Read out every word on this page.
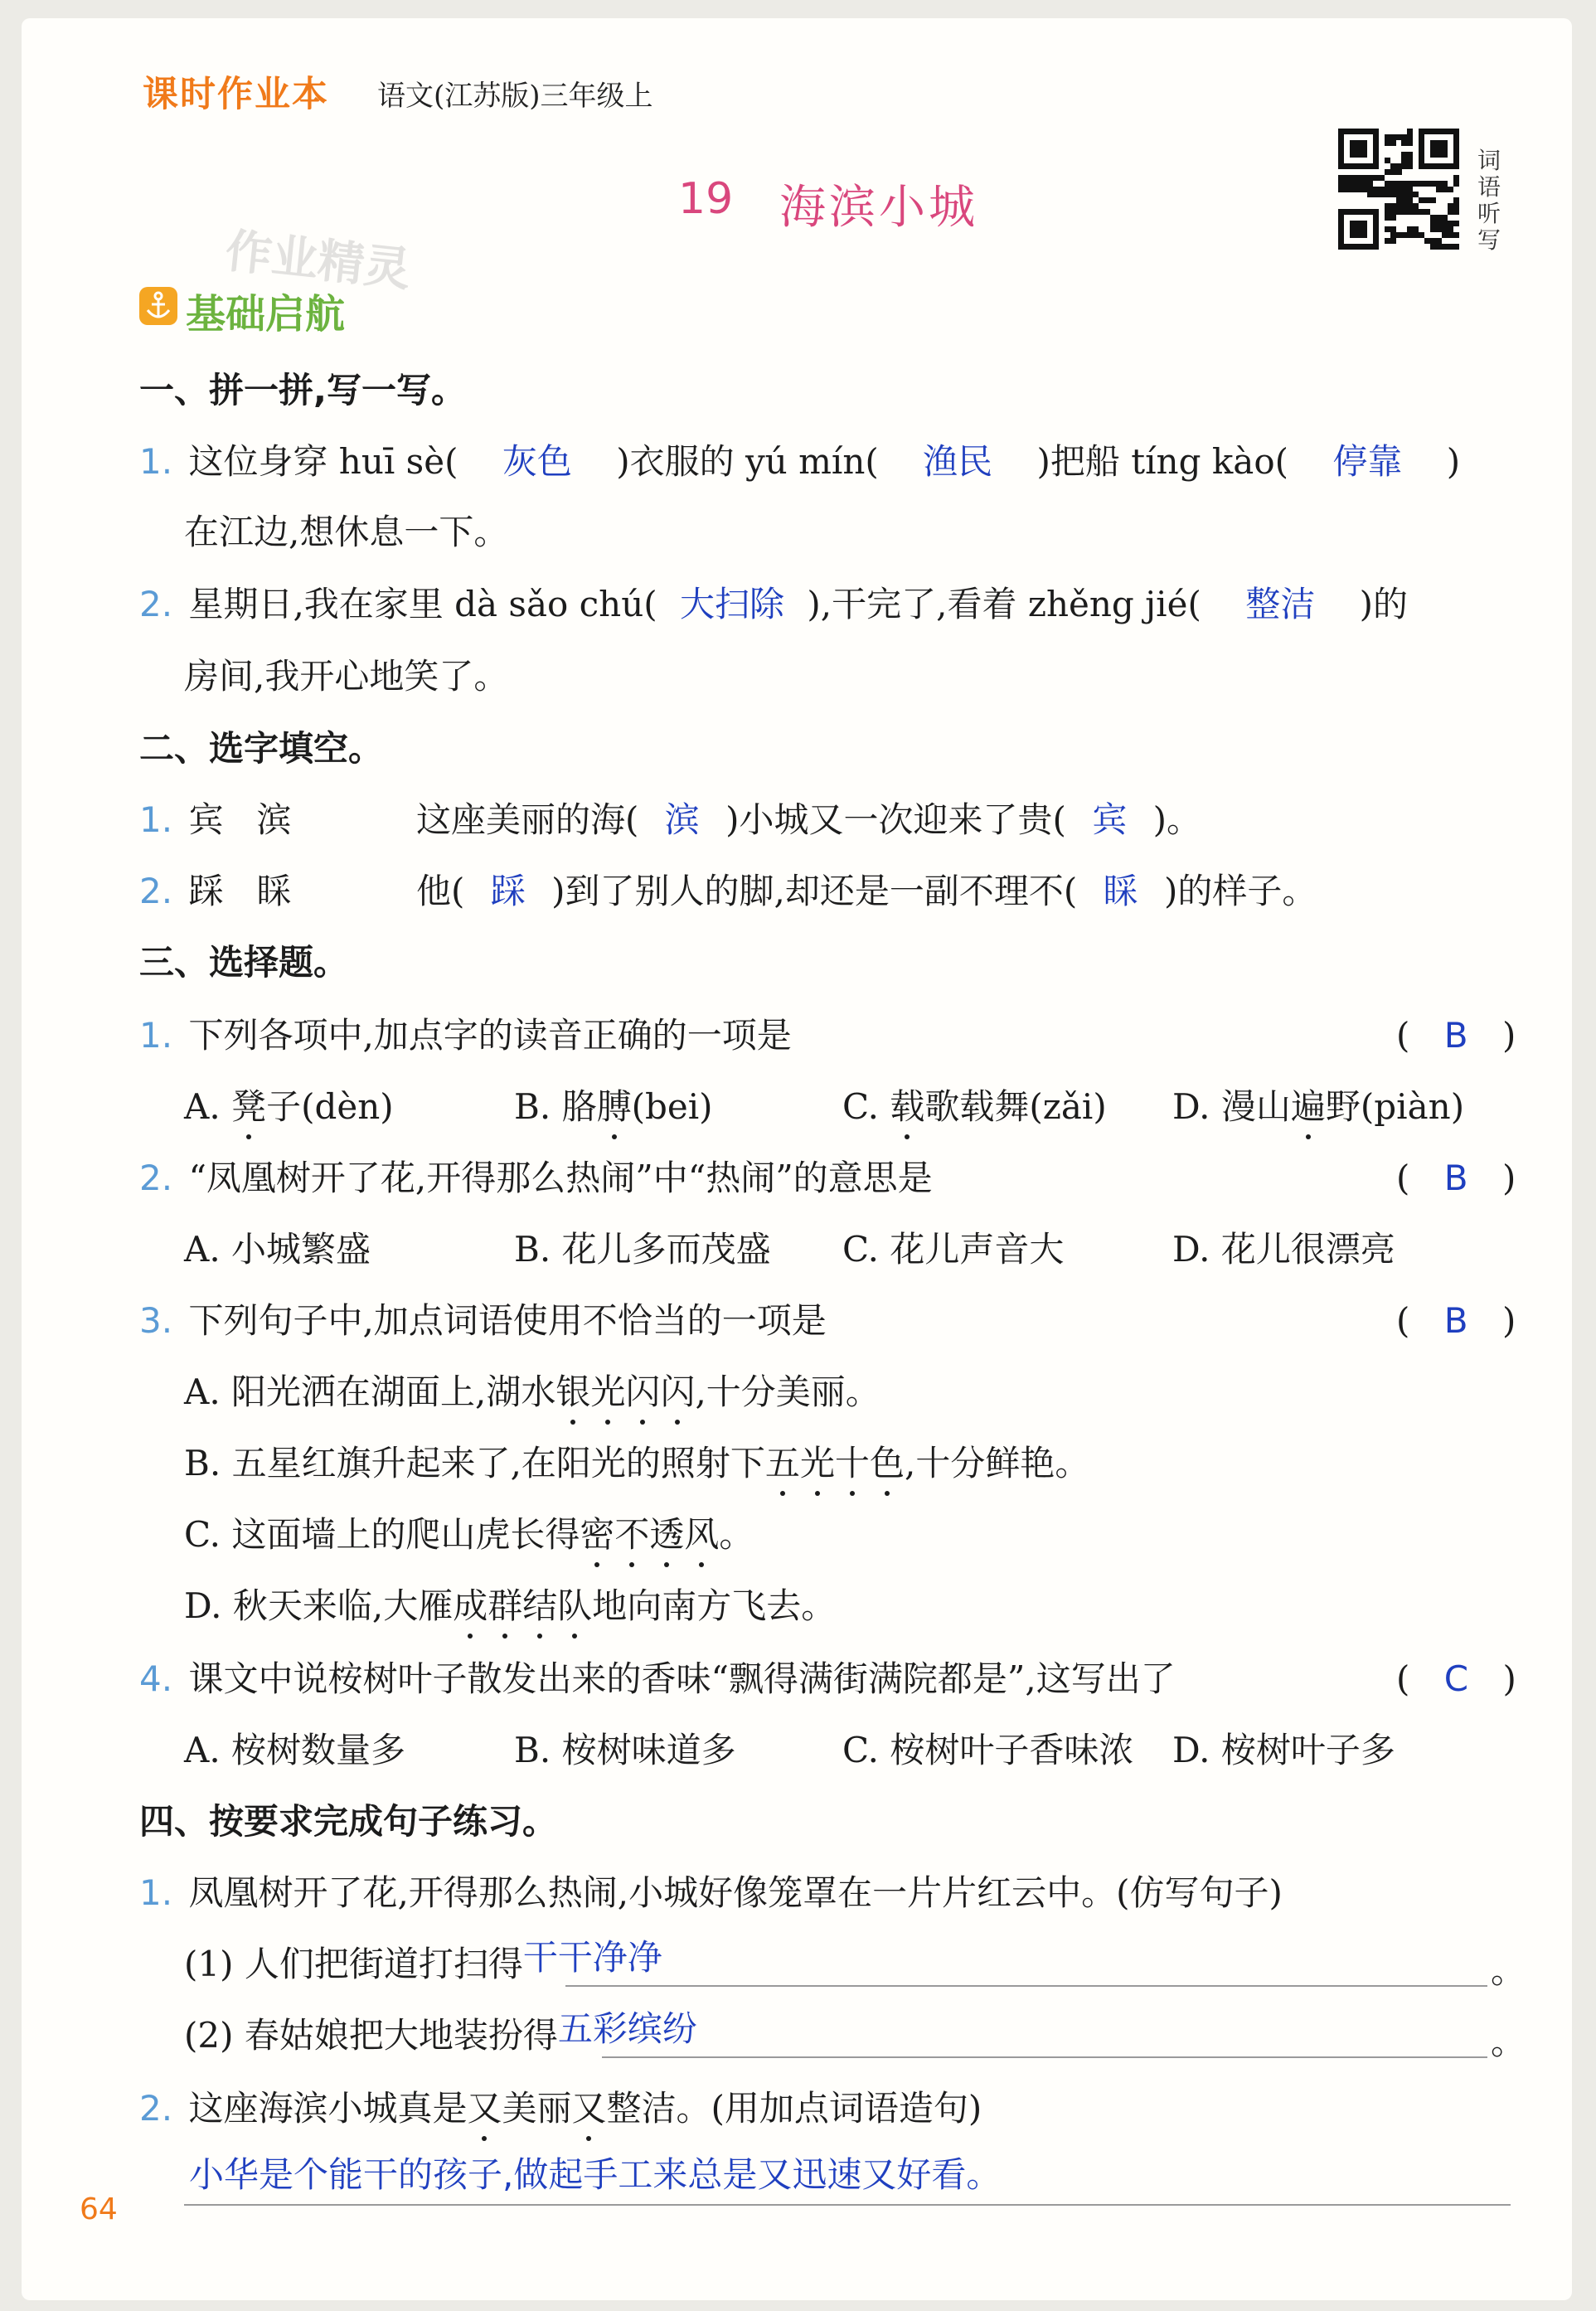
课时作业本 语文(江苏版)三年级上
19 海滨小城
词
语
听
写
作业精灵
基础启航
一、拼一拼,写一写。
1. 这位身穿 huī sè( 灰色 )衣服的 yú mín( 渔民 )把船 tíng kào( 停靠 )
在江边,想休息一下。
2. 星期日,我在家里 dà sǎo chú( 大扫除 ),干完了,看着 zhěng jié( 整洁 )的
房间,我开心地笑了。
二、选字填空。
1. 宾   滨	这座美丽的海( 滨 )小城又一次迎来了贵( 宾 )。
2. 踩   睬	他( 踩 )到了别人的脚,却还是一副不理不( 睬 )的样子。
三、选择题。
1. 下列各项中,加点字的读音正确的一项是	( B )
A. 凳子(dèn)	B. 胳膊(bei)	C. 载歌载舞(zǎi) D. 漫山遍野(piàn)
2. “凤凰树开了花,开得那么热闹”中“热闹”的意思是	( B )
A. 小城繁盛	B. 花儿多而茂盛 C. 花儿声音大	D. 花儿很漂亮
3. 下列句子中,加点词语使用不恰当的一项是	( B )
A. 阳光洒在湖面上,湖水银光闪闪,十分美丽。
B. 五星红旗升起来了,在阳光的照射下五光十色,十分鲜艳。
C. 这面墙上的爬山虎长得密不透风。
D. 秋天来临,大雁成群结队地向南方飞去。
4. 课文中说桉树叶子散发出来的香味“飘得满街满院都是”,这写出了	( C )
A. 桉树数量多	B. 桉树味道多	C. 桉树叶子香味浓 D. 桉树叶子多
四、按要求完成句子练习。
1. 凤凰树开了花,开得那么热闹,小城好像笼罩在一片片红云中。(仿写句子)
(1) 人们把街道打扫得干干净净	。
(2) 春姑娘把大地装扮得五彩缤纷	。
2. 这座海滨小城真是又美丽又整洁。(用加点词语造句)
小华是个能干的孩子,做起手工来总是又迅速又好看。
64
